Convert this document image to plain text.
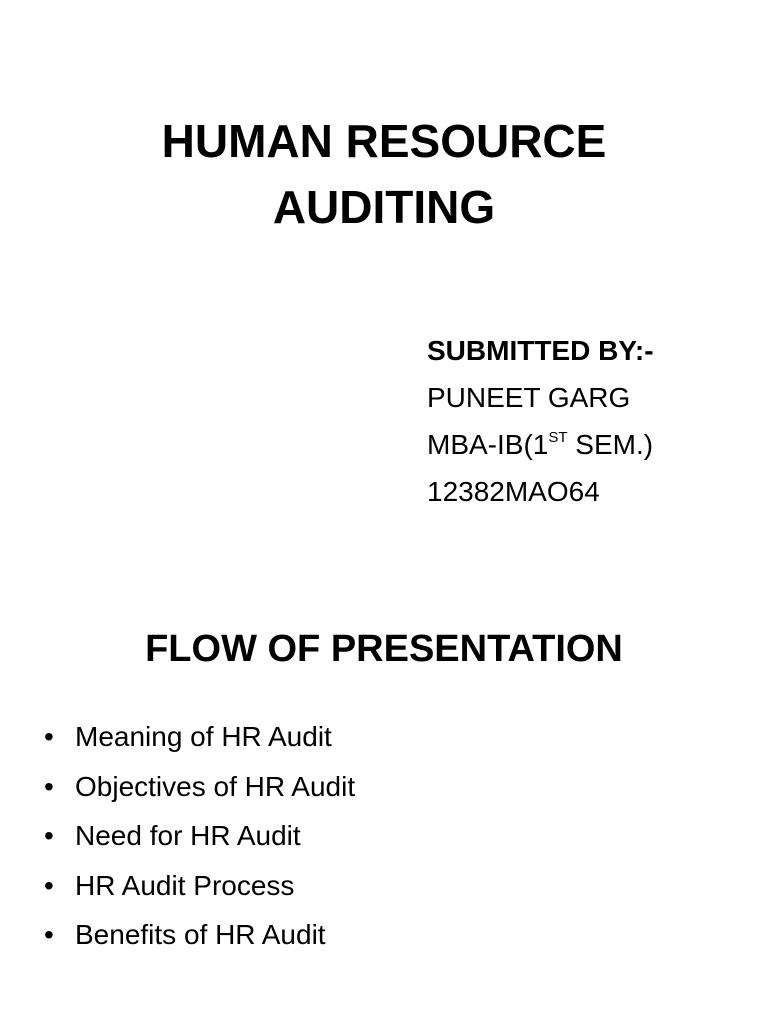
HUMAN RESOURCE
AUDITING
SUBMITTED BY:-
PUNEET GARG
MBA-IB(1ST SEM.)
12382MAO64
FLOW OF PRESENTATION
• Meaning of HR Audit
• Objectives of HR Audit
• Need for HR Audit
• HR Audit Process
• Benefits of HR Audit
